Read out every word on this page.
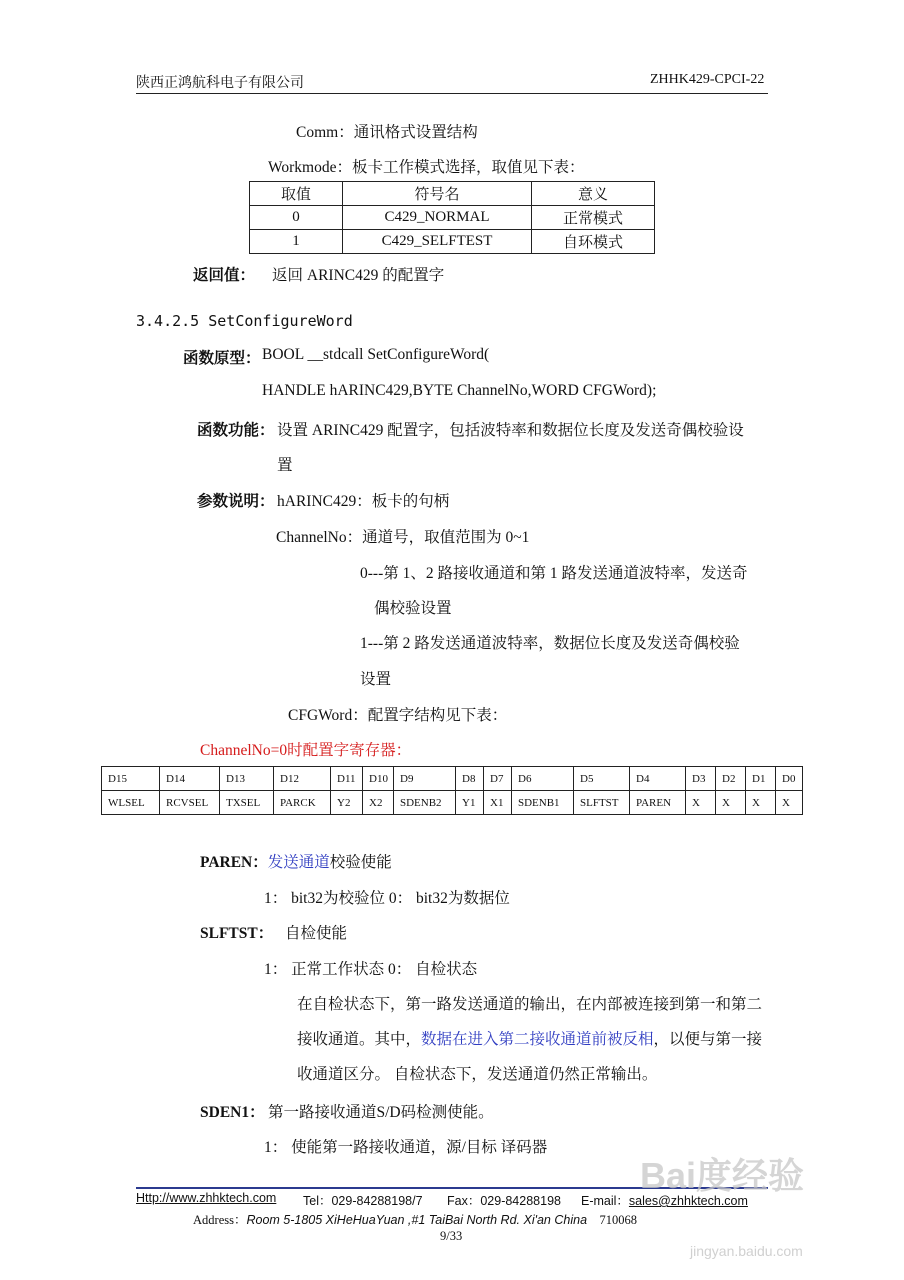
陕西正鸿航科电子有限公司	ZHHK429-CPCI-22
Comm：通讯格式设置结构
Workmode：板卡工作模式选择，取值见下表：
取值	符号名	意义
0	C429_NORMAL	正常模式
1	C429_SELFTEST	自环模式
返回值： 返回 ARINC429 的配置字
3.4.2.5 SetConfigureWord
函数原型： BOOL __stdcall SetConfigureWord(
HANDLE hARINC429,BYTE ChannelNo,WORD CFGWord);
函数功能： 设置 ARINC429 配置字，包括波特率和数据位长度及发送奇偶校验设
置
参数说明： hARINC429：板卡的句柄
ChannelNo：通道号，取值范围为 0~1
0---第 1、2 路接收通道和第 1 路发送通道波特率，发送奇
偶校验设置
1---第 2 路发送通道波特率，数据位长度及发送奇偶校验
设置
CFGWord：配置字结构见下表：
ChannelNo=0时配置字寄存器：
D15	D14	D13	D12	D11	D10	D9	D8	D7	D6	D5	D4	D3	D2	D1	D0
WLSEL	RCVSEL	TXSEL	PARCK	Y2	X2	SDENB2	Y1	X1	SDENB1	SLFTST	PAREN	X	X	X	X
PAREN：发送通道校验使能
1： bit32为校验位 0： bit32为数据位
SLFTST： 自检使能
1： 正常工作状态 0： 自检状态
在自检状态下，第一路发送通道的输出，在内部被连接到第一和第二
接收通道。其中，数据在进入第二接收通道前被反相，以便与第一接
收通道区分。 自检状态下，发送通道仍然正常输出。
SDEN1： 第一路接收通道S/D码检测使能。
1： 使能第一路接收通道，源/目标 译码器
Http://www.zhhktech.com Tel：029-84288198/7 Fax：029-84288198 E-mail：sales@zhhktech.com
Address：Room 5-1805 XiHeHuaYuan ,#1 TaiBai North Rd. Xi'an China 710068
9/33
Bai度经验
jingyan.baidu.com
